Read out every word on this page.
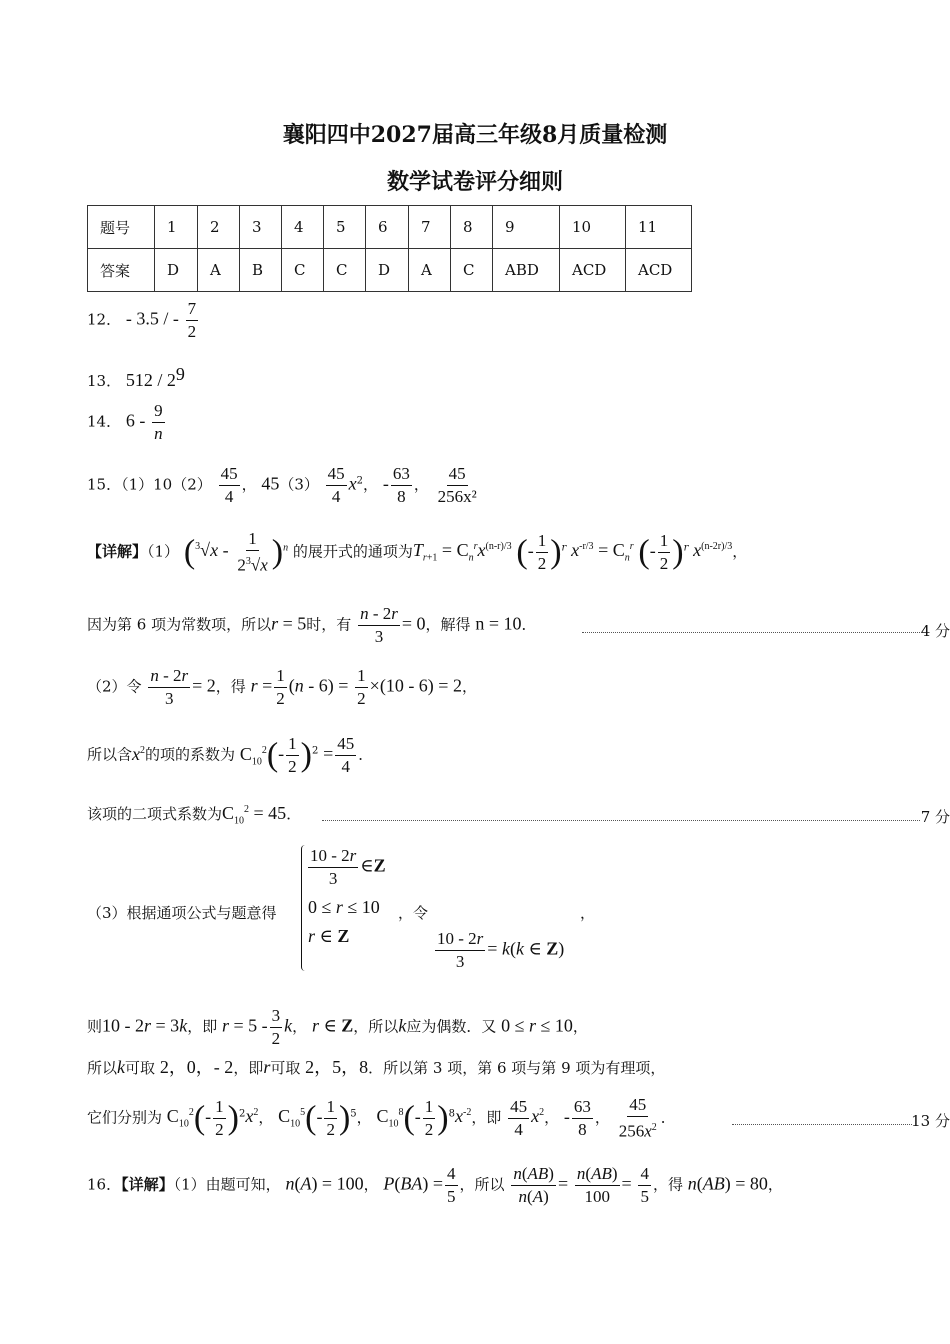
襄阳四中2027届高三年级8月质量检测
数学试卷评分细则
题号	1	2	3	4	5	6	7	8	9	10	11
答案	D	A	B	C	C	D	A	C	ABD	ACD	ACD
12． - 3.5 / - $\frac{7}{2}$
13． $512 / 2^9$
14． $6 - \frac{9}{n}$
15．$(1)10(2) \frac{45}{4}$ ， $45(3) \frac{45}{4} x^2$， - $\frac{63}{8}$ ， $\frac{45}{\text{256x²}}$
【详解】（1） $(^3√x - \frac{1}{2^3√x} )^n$ 的展开式的通项为$T_{r+1} = C_n^rx^{(n-r)/3}$ (- $\frac{1}{2} )^r$ $x^{-r/3} = C_n^r$ (- $\frac{1}{2} )^r$ $x^{(n-2r)/3}$，
因为第 6 项为常数项，所以r = 5时，有 $\frac{n - 2r}{3} = 0$，解得 n = 10．	4 分
（2）令 $\frac{n - 2r}{3} = 2$，得 $r = \frac{1}{2} (n - 6) = \frac{1}{2} \times(10 - 6) = 2$，
所以含$x^2$的项的系数为 $C_{10}^2(- \frac{1}{2} )^2 = \frac{45}{4}$ ．
该项的二项式系数为$C_{10}^2 = 45$．	7 分
（3）根据通项公式与题意得
$\frac{10 - 2r}{3}$ ∈Z
0 ≤ r ≤ 10
r ∈ Z
，令	，
$\frac{10 - 2r}{3} = k(k$ ∈ Z)
则10 - 2r = 3k，即 $r = 5 - \frac{3}{2}$ k， r ∈ Z，所以k应为偶数．又 0 ≤ r ≤ 10，
所以k可取 2，0，- 2，即r可取 2，5，8．所以第 3 项，第 6 项与第 9 项为有理项，
它们分别为 $C_{10}^2(- \frac{1}{2} )^2x^2$， $C_{10}^5(- \frac{1}{2} )^5$， $C_{10}^8(- \frac{1}{2} )^8x^{-2}$，即 $\frac{45}{4} x^2$， - $\frac{63}{8}$ ， $\frac{45}{256x^2}$ ．	13 分
16．【详解】（1）由题可知， n(A) = 100， $P(BA) = \frac{4}{5}$ ，所以 $\frac{n(AB)}{n(A)} = \frac{n(AB)}{100} = \frac{4}{5}$ ，得 n(AB) = 80，
